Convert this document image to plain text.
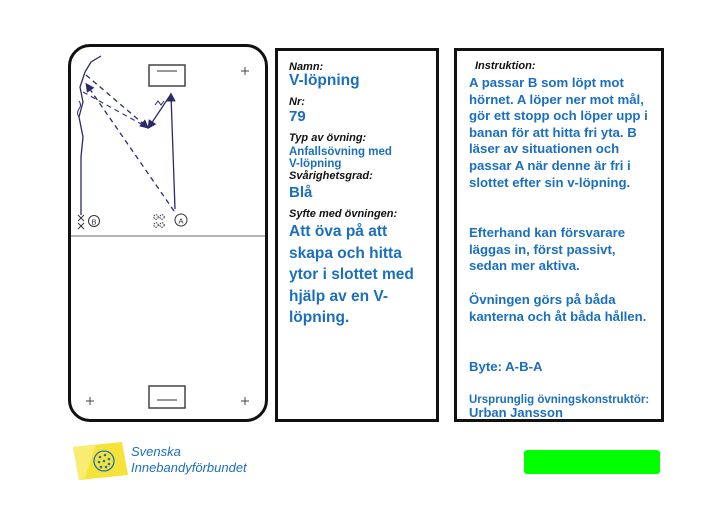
B	A
Namn:
V-löpning
Nr:
79
Typ av övning:
Anfallsövning med
V-löpning
Svårighetsgrad:
Blå
Syfte med övningen:
Att öva på att skapa och hitta ytor i slottet med hjälp av en V-löpning.
Instruktion:
A passar B som löpt mot hörnet. A löper ner mot mål, gör ett stopp och löper upp i banan för att hitta fri yta. B läser av situationen och passar A när denne är fri i slottet efter sin v-löpning.
Efterhand kan försvarare läggas in, först passivt, sedan mer aktiva.
Övningen görs på båda kanterna och åt båda hållen.
Byte: A-B-A
Ursprunglig övningskonstruktör:
Urban Jansson
Svenska
Innebandyförbundet
